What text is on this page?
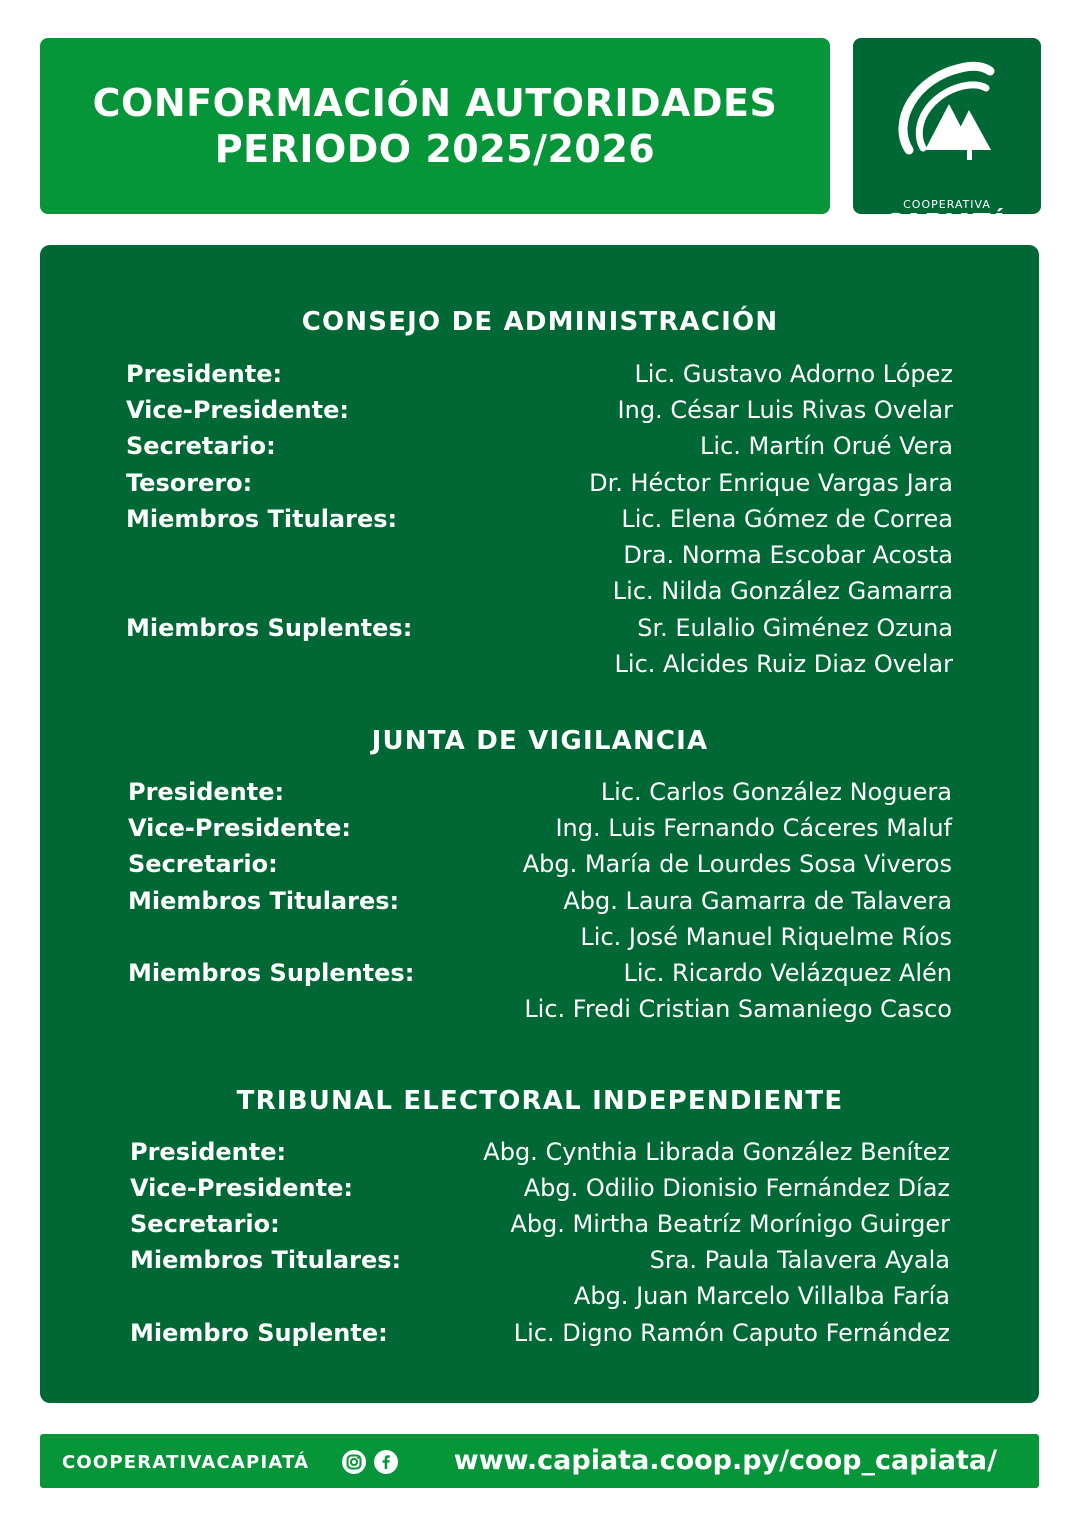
CONFORMACIÓN AUTORIDADES
PERIODO 2025/2026
COOPERATIVA
CAPIATÁ
CONSEJO DE ADMINISTRACIÓN
Presidente:	Lic. Gustavo Adorno López
Vice-Presidente:	Ing. César Luis Rivas Ovelar
Secretario:	Lic. Martín Orué Vera
Tesorero:	Dr. Héctor Enrique Vargas Jara
Miembros Titulares:	Lic. Elena Gómez de Correa
Dra. Norma Escobar Acosta
Lic. Nilda González Gamarra
Miembros Suplentes:	Sr. Eulalio Giménez Ozuna
Lic. Alcides Ruiz Diaz Ovelar
JUNTA DE VIGILANCIA
Presidente:	Lic. Carlos González Noguera
Vice-Presidente:	Ing. Luis Fernando Cáceres Maluf
Secretario:	Abg. María de Lourdes Sosa Viveros
Miembros Titulares:	Abg. Laura Gamarra de Talavera
Lic. José Manuel Riquelme Ríos
Miembros Suplentes:	Lic. Ricardo Velázquez Alén
Lic. Fredi Cristian Samaniego Casco
TRIBUNAL ELECTORAL INDEPENDIENTE
Presidente:	Abg. Cynthia Librada González Benítez
Vice-Presidente:	Abg. Odilio Dionisio Fernández Díaz
Secretario:	Abg. Mirtha Beatríz Morínigo Guirger
Miembros Titulares:	Sra. Paula Talavera Ayala
Abg. Juan Marcelo Villalba Faría
Miembro Suplente:	Lic. Digno Ramón Caputo Fernández
COOPERATIVACAPIATÁ	www.capiata.coop.py/coop_capiata/
